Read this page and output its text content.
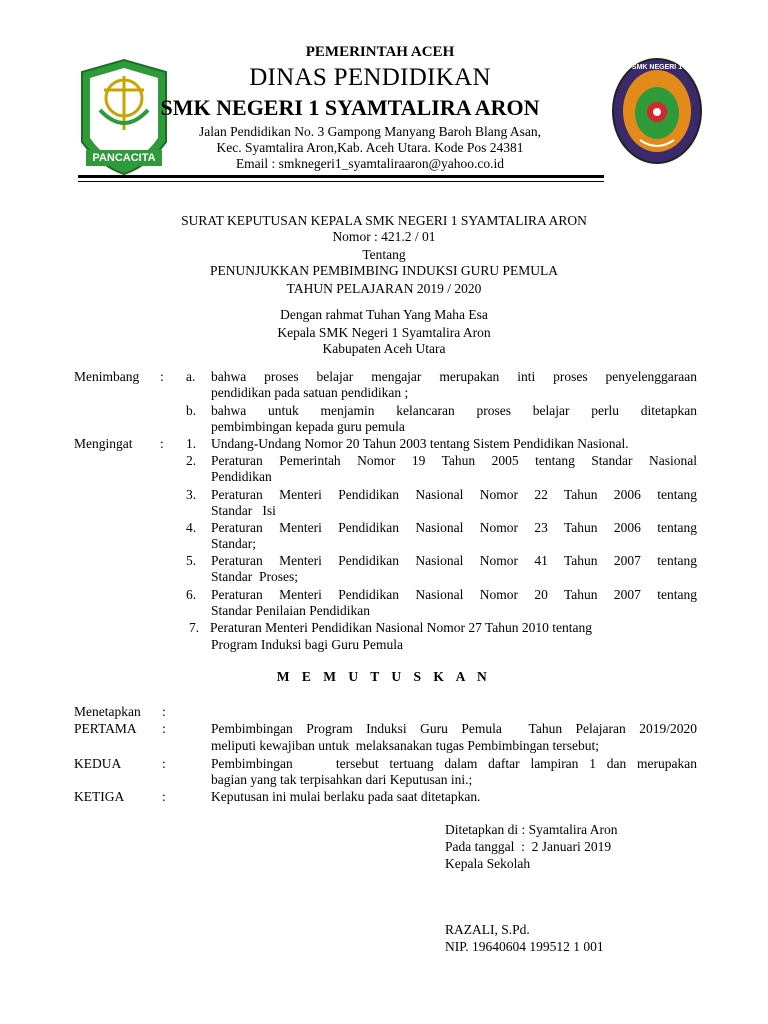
PANCACITA
SMK NEGERI 1
PEMERINTAH ACEH
DINAS PENDIDIKAN
SMK NEGERI 1 SYAMTALIRA ARON
Jalan Pendidikan No. 3 Gampong Manyang Baroh Blang Asan,
Kec. Syamtalira Aron,Kab. Aceh Utara. Kode Pos 24381
Email : smknegeri1_syamtaliraaron@yahoo.co.id
SURAT KEPUTUSAN KEPALA SMK NEGERI 1 SYAMTALIRA ARON
Nomor : 421.2 / 01
Tentang
PENUNJUKKAN PEMBIMBING INDUKSI GURU PEMULA
TAHUN PELAJARAN 2019 / 2020
Dengan rahmat Tuhan Yang Maha Esa
Kepala SMK Negeri 1 Syamtalira Aron
Kabupaten Aceh Utara
Menimbang : a. bahwa proses belajar mengajar merupakan inti proses penyelenggaraan
pendidikan pada satuan pendidikan ;
b. bahwa untuk menjamin kelancaran proses belajar perlu ditetapkan
pembimbingan kepada guru pemula
Mengingat : 1. Undang-Undang Nomor 20 Tahun 2003 tentang Sistem Pendidikan Nasional.
2. Peraturan Pemerintah Nomor 19 Tahun 2005 tentang Standar Nasional
Pendidikan
3. Peraturan Menteri Pendidikan Nasional Nomor 22 Tahun 2006 tentang
Standar   Isi
4. Peraturan Menteri Pendidikan Nasional Nomor 23 Tahun 2006 tentang
Standar;
5. Peraturan Menteri Pendidikan Nasional Nomor 41 Tahun 2007 tentang
Standar  Proses;
6. Peraturan Menteri Pendidikan Nasional Nomor 20 Tahun 2007 tentang
Standar Penilaian Pendidikan
7. Peraturan Menteri Pendidikan Nasional Nomor 27 Tahun 2010 tentang
Program Induksi bagi Guru Pemula
M E M U T U S K A N
Menetapkan :
PERTAMA :	Pembimbingan Program Induksi Guru Pemula  Tahun Pelajaran 2019/2020
meliputi kewajiban untuk  melaksanakan tugas Pembimbingan tersebut;
KEDUA	:	Pembimbingan    tersebut tertuang dalam daftar lampiran 1 dan merupakan
bagian yang tak terpisahkan dari Keputusan ini.;
KETIGA	:	Keputusan ini mulai berlaku pada saat ditetapkan.
Ditetapkan di : Syamtalira Aron
Pada tanggal  :  2 Januari 2019
Kepala Sekolah
RAZALI, S.Pd.
NIP. 19640604 199512 1 001
